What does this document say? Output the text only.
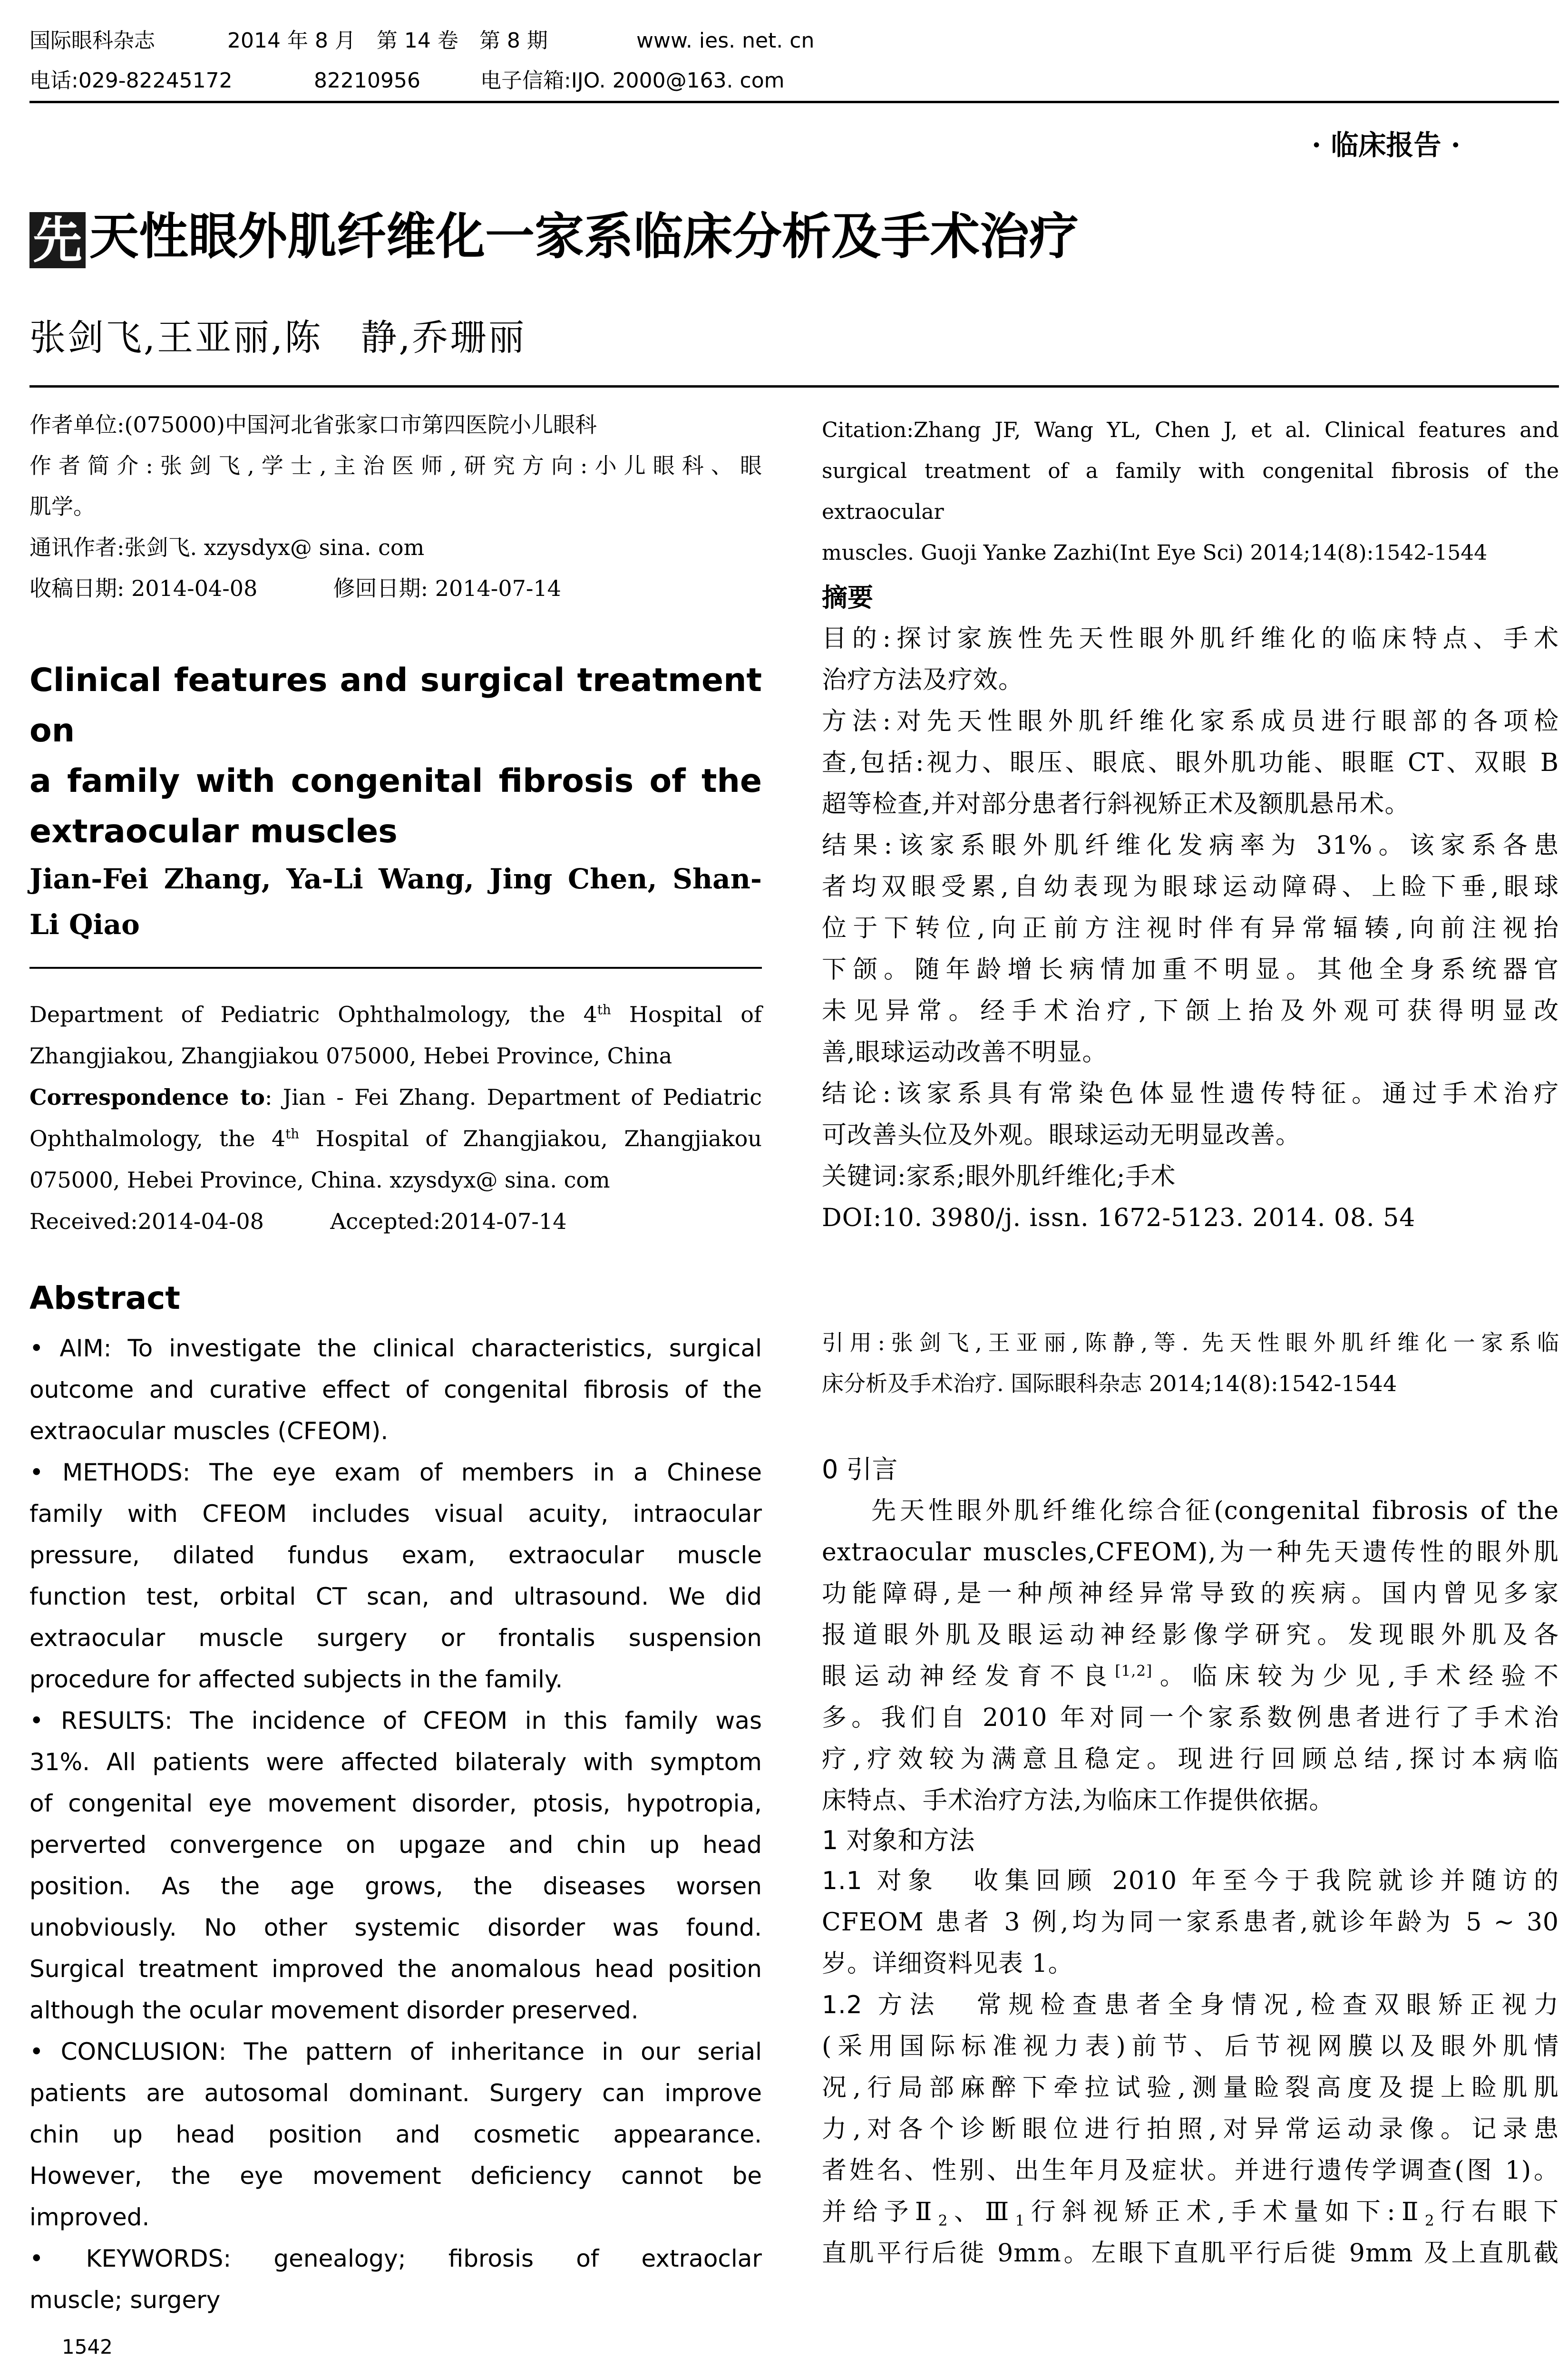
国际眼科杂志	2014 年 8 月　第 14 卷　第 8 期	www. ies. net. cn
电话:029-82245172	82210956	电子信箱:IJO. 2000@163. com
· 临床报告 ·
先 天性眼外肌纤维化一家系临床分析及手术治疗
张剑飞,王亚丽,陈　静,乔珊丽

作者单位:(075000)中国河北省张家口市第四医院小儿眼科

作者简介:张剑飞,学士,主治医师,研究方向:小儿眼科、眼

肌学。

通讯作者:张剑飞. xzysdyx@ sina. com

收稿日期: 2014-04-08	修回日期: 2014-07-14

Clinical features and surgical treatment on

a family with congenital fibrosis of the

extraocular muscles

Jian-Fei Zhang, Ya-Li Wang, Jing Chen, Shan-

Li Qiao

Department of Pediatric Ophthalmology, the 4th Hospital of

Zhangjiakou, Zhangjiakou 075000, Hebei Province, China

Correspondence to: Jian - Fei Zhang. Department of Pediatric

Ophthalmology, the 4th Hospital of Zhangjiakou, Zhangjiakou

075000, Hebei Province, China. xzysdyx@ sina. com

Received:2014-04-08	Accepted:2014-07-14

Abstract

• AIM: To investigate the clinical characteristics, surgical

outcome and curative effect of congenital fibrosis of the

extraocular muscles (CFEOM).

• METHODS: The eye exam of members in a Chinese

family with CFEOM includes visual acuity, intraocular

pressure, dilated fundus exam, extraocular muscle

function test, orbital CT scan, and ultrasound. We did

extraocular muscle surgery or frontalis suspension

procedure for affected subjects in the family.

• RESULTS: The incidence of CFEOM in this family was

31%. All patients were affected bilateraly with symptom

of congenital eye movement disorder, ptosis, hypotropia,

perverted convergence on upgaze and chin up head

position. As the age grows, the diseases worsen

unobviously. No other systemic disorder was found.

Surgical treatment improved the anomalous head position

although the ocular movement disorder preserved.

• CONCLUSION: The pattern of inheritance in our serial

patients are autosomal dominant. Surgery can improve

chin up head position and cosmetic appearance.

However, the eye movement deficiency cannot be

improved.

• KEYWORDS: genealogy; fibrosis of extraoclar

muscle; surgery

1542

Citation:Zhang JF, Wang YL, Chen J, et al. Clinical features and

surgical treatment of a family with congenital fibrosis of the extraocular

muscles. Guoji Yanke Zazhi(Int Eye Sci) 2014;14(8):1542-1544

摘要

目的:探讨家族性先天性眼外肌纤维化的临床特点、手术

治疗方法及疗效。

方法:对先天性眼外肌纤维化家系成员进行眼部的各项检

查,包括:视力、眼压、眼底、眼外肌功能、眼眶 CT、双眼 B

超等检查,并对部分患者行斜视矫正术及额肌悬吊术。

结果:该家系眼外肌纤维化发病率为 31%。该家系各患

者均双眼受累,自幼表现为眼球运动障碍、上睑下垂,眼球

位于下转位,向正前方注视时伴有异常辐辏,向前注视抬

下颌。随年龄增长病情加重不明显。其他全身系统器官

未见异常。经手术治疗,下颌上抬及外观可获得明显改

善,眼球运动改善不明显。

结论:该家系具有常染色体显性遗传特征。通过手术治疗

可改善头位及外观。眼球运动无明显改善。

关键词:家系;眼外肌纤维化;手术

DOI:10. 3980/j. issn. 1672-5123. 2014. 08. 54

引用:张剑飞,王亚丽,陈静,等. 先天性眼外肌纤维化一家系临

床分析及手术治疗. 国际眼科杂志 2014;14(8):1542-1544

0 引言

先天性眼外肌纤维化综合征(congenital fibrosis of the

extraocular muscles,CFEOM),为一种先天遗传性的眼外肌

功能障碍,是一种颅神经异常导致的疾病。国内曾见多家

报道眼外肌及眼运动神经影像学研究。发现眼外肌及各

眼运动神经发育不良[1,2]。临床较为少见,手术经验不

多。我们自 2010 年对同一个家系数例患者进行了手术治

疗,疗效较为满意且稳定。现进行回顾总结,探讨本病临

床特点、手术治疗方法,为临床工作提供依据。

1 对象和方法

1.1 对象 收集回顾 2010 年至今于我院就诊并随访的

CFEOM 患者 3 例,均为同一家系患者,就诊年龄为 5 ~ 30

岁。详细资料见表 1。

1.2 方法 常规检查患者全身情况,检查双眼矫正视力

(采用国际标准视力表)前节、后节视网膜以及眼外肌情

况,行局部麻醉下牵拉试验,测量睑裂高度及提上睑肌肌

力,对各个诊断眼位进行拍照,对异常运动录像。记录患

者姓名、性别、出生年月及症状。并进行遗传学调查(图 1)。

并给予$Ⅱ_2$、$Ⅲ_1$行斜视矫正术,手术量如下$:Ⅱ_2$行右眼下

直肌平行后徙 9mm。左眼下直肌平行后徙 9mm 及上直肌截
